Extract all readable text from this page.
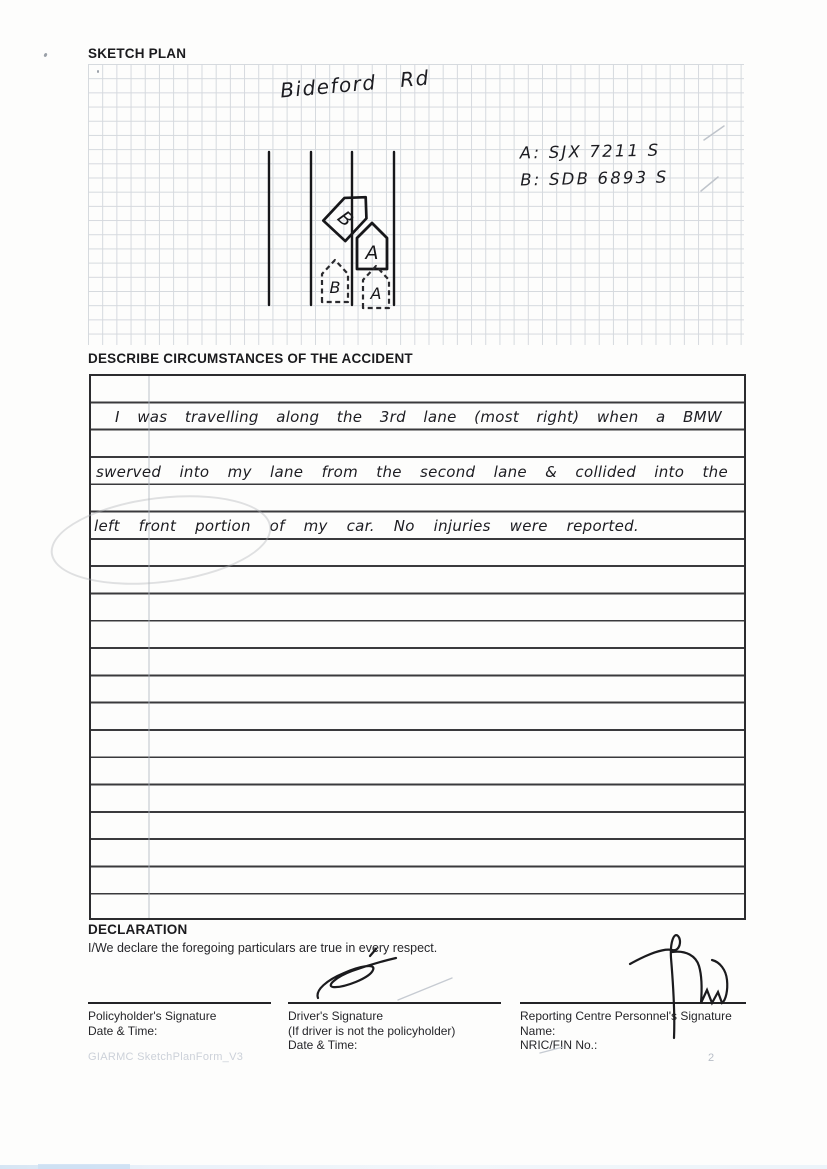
SKETCH PLAN
B
A
B A
Bideford Rd
A: SJX 7211 S
B: SDB 6893 S
DESCRIBE CIRCUMSTANCES OF THE ACCIDENT
I was travelling along the 3rd lane (most right) when a BMW
swerved into my lane from the second lane & collided into the
left front portion of my car. No injuries were reported.
DECLARATION
I/We declare the foregoing particulars are true in every respect.
Policyholder's Signature
Date & Time:
Driver's Signature
(If driver is not the policyholder)
Date & Time:
Reporting Centre Personnel's Signature
Name:
NRIC/FIN No.:
GIARMC SketchPlanForm_V3	2
